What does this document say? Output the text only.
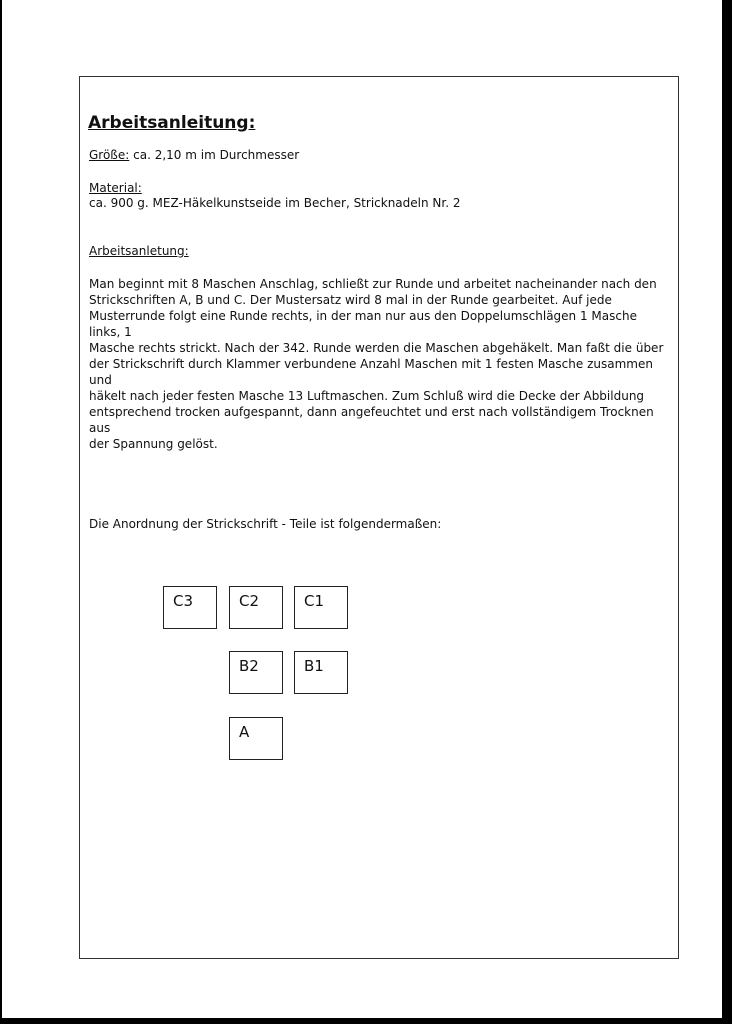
Arbeitsanleitung:
Größe: ca. 2,10 m im Durchmesser
Material:
ca. 900 g. MEZ-Häkelkunstseide im Becher, Stricknadeln Nr. 2
Arbeitsanletung:
Man beginnt mit 8 Maschen Anschlag, schließt zur Runde und arbeitet nacheinander nach den
Strickschriften A, B und C. Der Mustersatz wird 8 mal in der Runde gearbeitet. Auf jede
Musterrunde folgt eine Runde rechts, in der man nur aus den Doppelumschlägen 1 Masche links, 1
Masche rechts strickt. Nach der 342. Runde werden die Maschen abgehäkelt. Man faßt die über
der Strickschrift durch Klammer verbundene Anzahl Maschen mit 1 festen Masche zusammen und
häkelt nach jeder festen Masche 13 Luftmaschen. Zum Schluß wird die Decke der Abbildung
entsprechend trocken aufgespannt, dann angefeuchtet und erst nach vollständigem Trocknen aus
der Spannung gelöst.
Die Anordnung der Strickschrift - Teile ist folgendermaßen:
C3	C2	C1
B2	B1
A
